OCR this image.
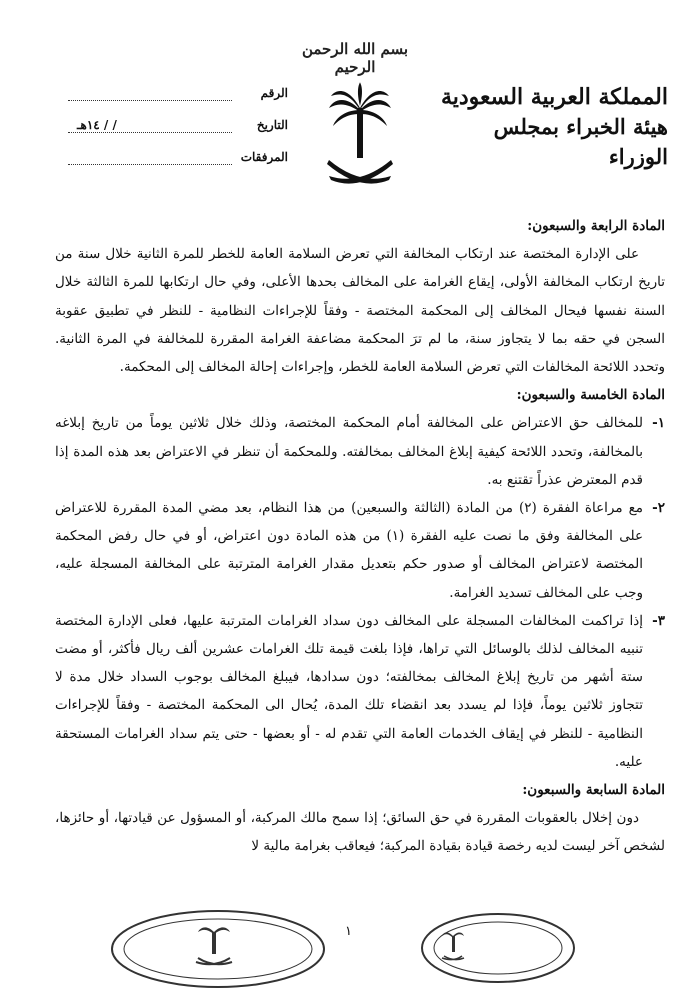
بسم الله الرحمن الرحيم
المملكة العربية السعودية
هيئة الخبراء بمجلس الوزراء
الرقم
التاريخ
/ / ١٤هـ
المرفقات

المادة الرابعة والسبعون:

على الإدارة المختصة عند ارتكاب المخالفة التي تعرض السلامة العامة للخطر للمرة الثانية خلال سنة من تاريخ ارتكاب المخالفة الأولى، إيقاع الغرامة على المخالف بحدها الأعلى، وفي حال ارتكابها للمرة الثالثة خلال السنة نفسها فيحال المخالف إلى المحكمة المختصة - وفقاً للإجراءات النظامية - للنظر في تطبيق عقوبة السجن في حقه بما لا يتجاوز سنة، ما لم ترَ المحكمة مضاعفة الغرامة المقررة للمخالفة في المرة الثانية. وتحدد اللائحة المخالفات التي تعرض السلامة العامة للخطر، وإجراءات إحالة المخالف إلى المحكمة.

المادة الخامسة والسبعون:

١-

للمخالف حق الاعتراض على المخالفة أمام المحكمة المختصة، وذلك خلال ثلاثين يوماً من تاريخ إبلاغه بالمخالفة، وتحدد اللائحة كيفية إبلاغ المخالف بمخالفته. وللمحكمة أن تنظر في الاعتراض بعد هذه المدة إذا قدم المعترض عذراً تقتنع به.

٢-

مع مراعاة الفقرة (٢) من المادة (الثالثة والسبعين) من هذا النظام، بعد مضي المدة المقررة للاعتراض على المخالفة وفق ما نصت عليه الفقرة (١) من هذه المادة دون اعتراض، أو في حال رفض المحكمة المختصة لاعتراض المخالف أو صدور حكم بتعديل مقدار الغرامة المترتبة على المخالفة المسجلة عليه، وجب على المخالف تسديد الغرامة.

٣-

إذا تراكمت المخالفات المسجلة على المخالف دون سداد الغرامات المترتبة عليها، فعلى الإدارة المختصة تنبيه المخالف لذلك بالوسائل التي تراها، فإذا بلغت قيمة تلك الغرامات عشرين ألف ريال فأكثر، أو مضت ستة أشهر من تاريخ إبلاغ المخالف بمخالفته؛ دون سدادها، فيبلغ المخالف بوجوب السداد خلال مدة لا تتجاوز ثلاثين يوماً، فإذا لم يسدد بعد انقضاء تلك المدة، يُحال الى المحكمة المختصة - وفقاً للإجراءات النظامية - للنظر في إيقاف الخدمات العامة التي تقدم له - أو بعضها - حتى يتم سداد الغرامات المستحقة عليه.

المادة السابعة والسبعون:

دون إخلال بالعقوبات المقررة في حق السائق؛ إذا سمح مالك المركبة، أو المسؤول عن قيادتها، أو حائزها، لشخص آخر ليست لديه رخصة قيادة بقيادة المركبة؛ فيعاقب بغرامة مالية لا

١
